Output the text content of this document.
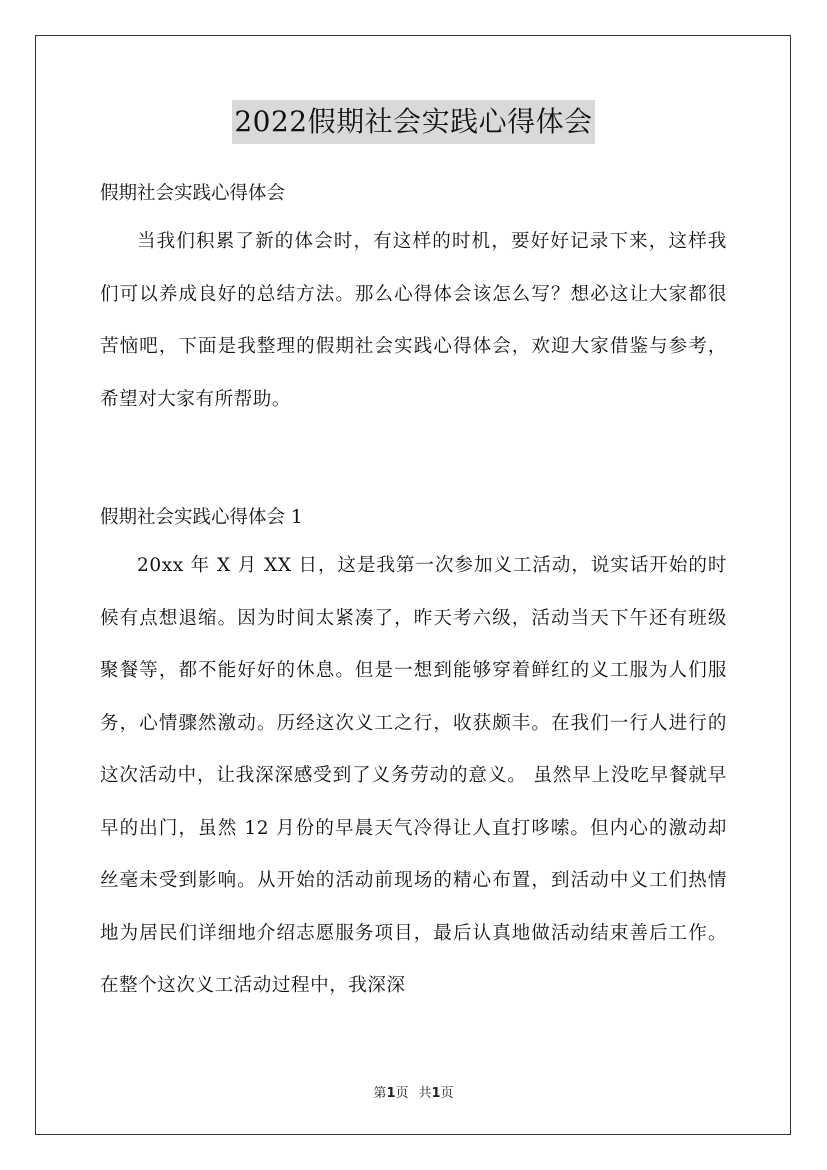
2022假期社会实践心得体会

假期社会实践心得体会

当我们积累了新的体会时，有这样的时机，要好好记录下来，这样我们可以养成良好的总结方法。那么心得体会该怎么写？想必这让大家都很苦恼吧，下面是我整理的假期社会实践心得体会，欢迎大家借鉴与参考，希望对大家有所帮助。

假期社会实践心得体会 1

20xx 年 X 月 XX 日，这是我第一次参加义工活动，说实话开始的时候有点想退缩。因为时间太紧凑了，昨天考六级，活动当天下午还有班级聚餐等，都不能好好的休息。但是一想到能够穿着鲜红的义工服为人们服务，心情骤然激动。历经这次义工之行，收获颇丰。在我们一行人进行的这次活动中，让我深深感受到了义务劳动的意义。 虽然早上没吃早餐就早早的出门，虽然 12 月份的早晨天气冷得让人直打哆嗦。但内心的激动却丝毫未受到影响。从开始的活动前现场的精心布置，到活动中义工们热情地为居民们详细地介绍志愿服务项目，最后认真地做活动结束善后工作。在整个这次义工活动过程中，我深深

第1页 共1页
